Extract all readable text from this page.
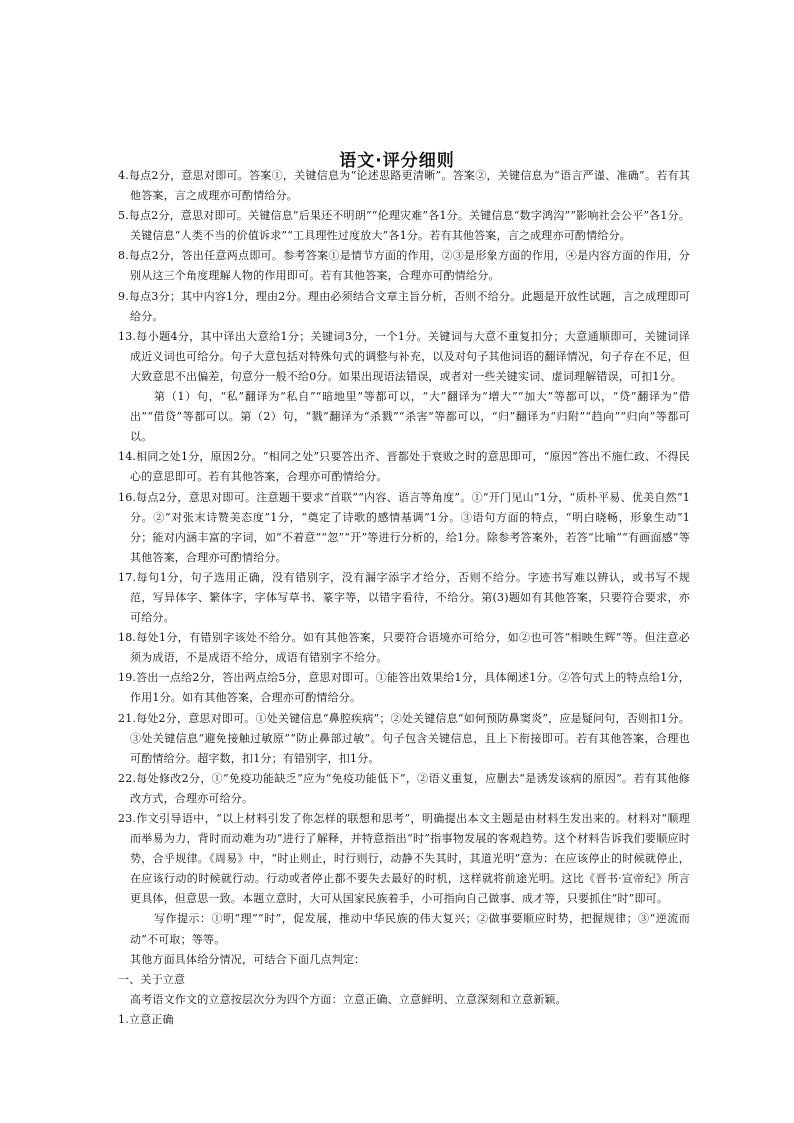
语文·评分细则
4.每点2分，意思对即可。答案①，关键信息为“论述思路更清晰”。答案②，关键信息为“语言严谨、准确”。若有其他答案，言之成理亦可酌情给分。
5.每点2分，意思对即可。关键信息“后果还不明朗”“伦理灾难”各1分。关键信息“数字鸿沟”“影响社会公平”各1分。关键信息“人类不当的价值诉求”“工具理性过度放大”各1分。若有其他答案，言之成理亦可酌情给分。
8.每点2分，答出任意两点即可。参考答案①是情节方面的作用，②③是形象方面的作用，④是内容方面的作用，分别从这三个角度理解人物的作用即可。若有其他答案，合理亦可酌情给分。
9.每点3分；其中内容1分，理由2分。理由必须结合文章主旨分析，否则不给分。此题是开放性试题，言之成理即可给分。
13.每小题4分，其中译出大意给1分；关键词3分，一个1分。关键词与大意不重复扣分；大意通顺即可，关键词译成近义词也可给分。句子大意包括对特殊句式的调整与补充，以及对句子其他词语的翻译情况，句子存在不足，但大致意思不出偏差，句意分一般不给0分。如果出现语法错误，或者对一些关键实词、虚词理解错误，可扣1分。
第（1）句，“私”翻译为“私自”“暗地里”等都可以，“大”翻译为“增大”“加大”等都可以，“贷”翻译为“借出”“借贷”等都可以。第（2）句，“戮”翻译为“杀戮”“杀害”等都可以，“归”翻译为“归附”“趋向”“归向”等都可以。
14.相同之处1分，原因2分。“相同之处”只要答出齐、晋都处于衰败之时的意思即可，“原因”答出不施仁政、不得民心的意思即可。若有其他答案，合理亦可酌情给分。
16.每点2分，意思对即可。注意题干要求“首联”“内容、语言等角度”。①“开门见山”1分，“质朴平易、优美自然”1分。②“对张末诗赞美态度”1分，“奠定了诗歌的感情基调”1分。③语句方面的特点，“明白晓畅，形象生动”1分；能对内涵丰富的字词，如“不着意”“忽”“开”等进行分析的，给1分。除参考答案外，若答“比喻”“有画面感”等其他答案，合理亦可酌情给分。
17.每句1分，句子选用正确，没有错别字，没有漏字添字才给分，否则不给分。字迹书写难以辨认，或书写不规范，写异体字、繁体字，字体写草书、篆字等，以错字看待，不给分。第(3)题如有其他答案，只要符合要求，亦可给分。
18.每处1分，有错别字该处不给分。如有其他答案，只要符合语境亦可给分，如②也可答“相映生辉”等。但注意必须为成语，不是成语不给分，成语有错别字不给分。
19.答出一点给2分，答出两点给5分，意思对即可。①能答出效果给1分，具体阐述1分。②答句式上的特点给1分，作用1分。如有其他答案，合理亦可酌情给分。
21.每处2分，意思对即可。①处关键信息“鼻腔疾病”；②处关键信息“如何预防鼻窦炎”，应是疑问句，否则扣1分。③处关键信息“避免接触过敏原”“防止鼻部过敏”。句子包含关键信息，且上下衔接即可。若有其他答案，合理也可酌情给分。超字数，扣1分；有错别字，扣1分。
22.每处修改2分，①“免疫功能缺乏”应为“免疫功能低下”，②语义重复，应删去“是诱发该病的原因”。若有其他修改方式，合理亦可给分。
23.作文引导语中，“以上材料引发了你怎样的联想和思考”，明确提出本文主题是由材料生发出来的。材料对“顺理而举易为力，背时而动难为功”进行了解释，并特意指出“时”指事物发展的客观趋势。这个材料告诉我们要顺应时势，合乎规律。《周易》中，“时止则止，时行则行，动静不失其时，其道光明”意为：在应该停止的时候就停止，在应该行动的时候就行动。行动或者停止都不要失去最好的时机，这样就将前途光明。这比《晋书·宣帝纪》所言更具体，但意思一致。本题立意时，大可从国家民族着手，小可指向自己做事、成才等，只要抓住“时”即可。
写作提示：①明“理”“时”，促发展，推动中华民族的伟大复兴；②做事要顺应时势，把握规律；③“逆流而动”不可取；等等。
其他方面具体给分情况，可结合下面几点判定：
一、关于立意
高考语文作文的立意按层次分为四个方面：立意正确、立意鲜明、立意深刻和立意新颖。
1.立意正确
